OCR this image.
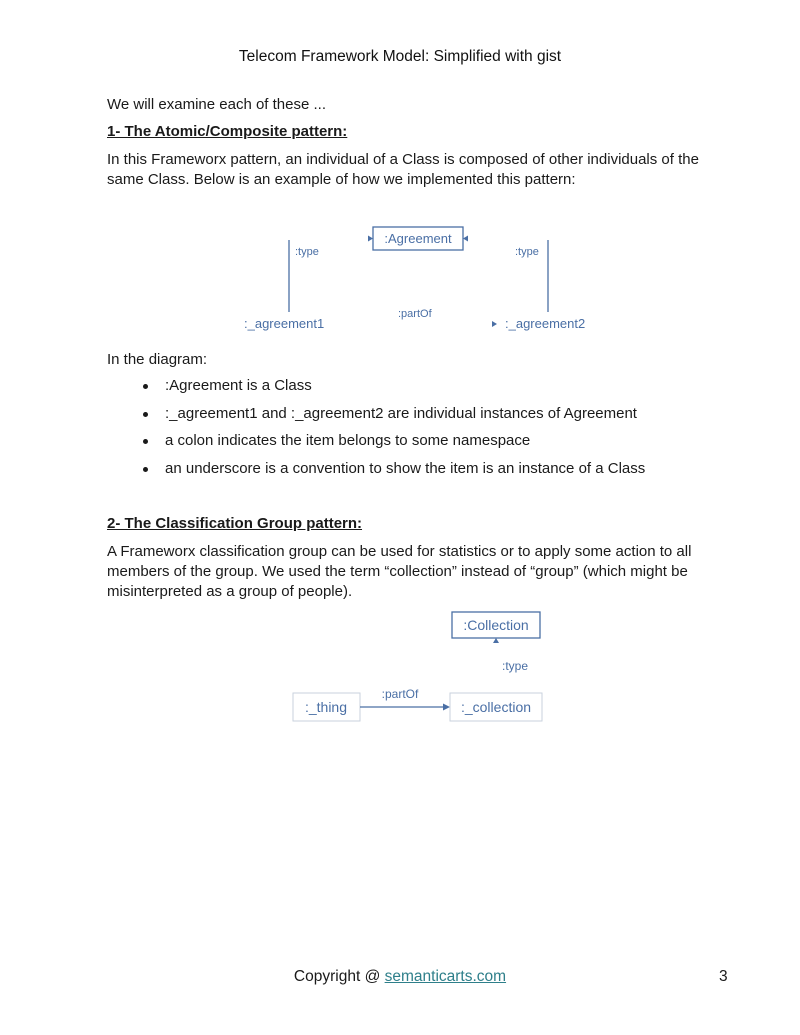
Telecom Framework Model: Simplified with gist
We will examine each of these ...
1- The Atomic/Composite pattern:
In this Frameworx pattern, an individual of a Class is composed of other individuals of the same Class. Below is an example of how we implemented this pattern:
:Agreement
:type	:type
:_agreement1
:partOf
:_agreement2
In the diagram:
:Agreement is a Class
:_agreement1 and :_agreement2 are individual instances of Agreement
a colon indicates the item belongs to some namespace
an underscore is a convention to show the item is an instance of a Class
2- The Classification Group pattern:
A Frameworx classification group can be used for statistics or to apply some action to all members of the group. We used the term “collection” instead of “group” (which might be misinterpreted as a group of people).
:Collection
:type
:_thing
:partOf
:_collection
Copyright @ semanticarts.com	3
